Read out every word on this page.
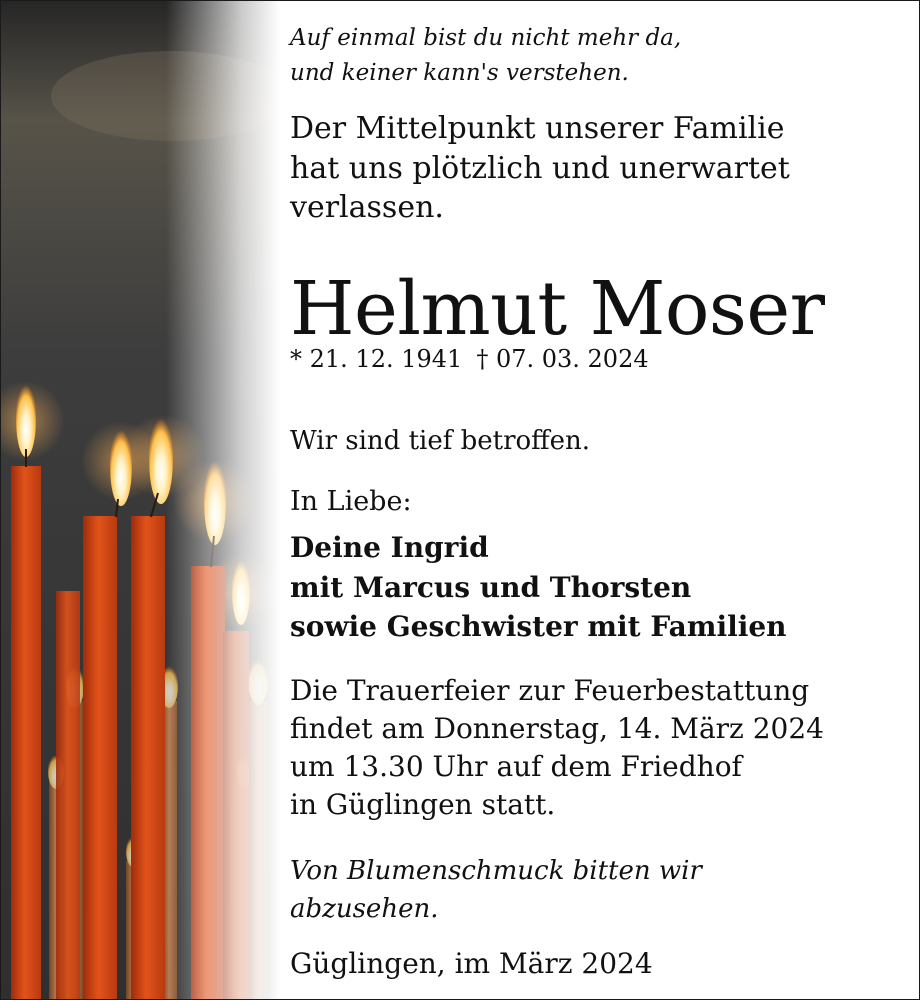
Auf einmal bist du nicht mehr da,
und keiner kann's verstehen.

Der Mittelpunkt unserer Familie
hat uns plötzlich und unerwartet
verlassen.

Helmut Moser

* 21. 12. 1941 † 07. 03. 2024

Wir sind tief betroffen.

In Liebe:

Deine Ingrid
mit Marcus und Thorsten
sowie Geschwister mit Familien

Die Trauerfeier zur Feuerbestattung
findet am Donnerstag, 14. März 2024
um 13.30 Uhr auf dem Friedhof
in Güglingen statt.

Von Blumenschmuck bitten wir
abzusehen.

Güglingen, im März 2024
